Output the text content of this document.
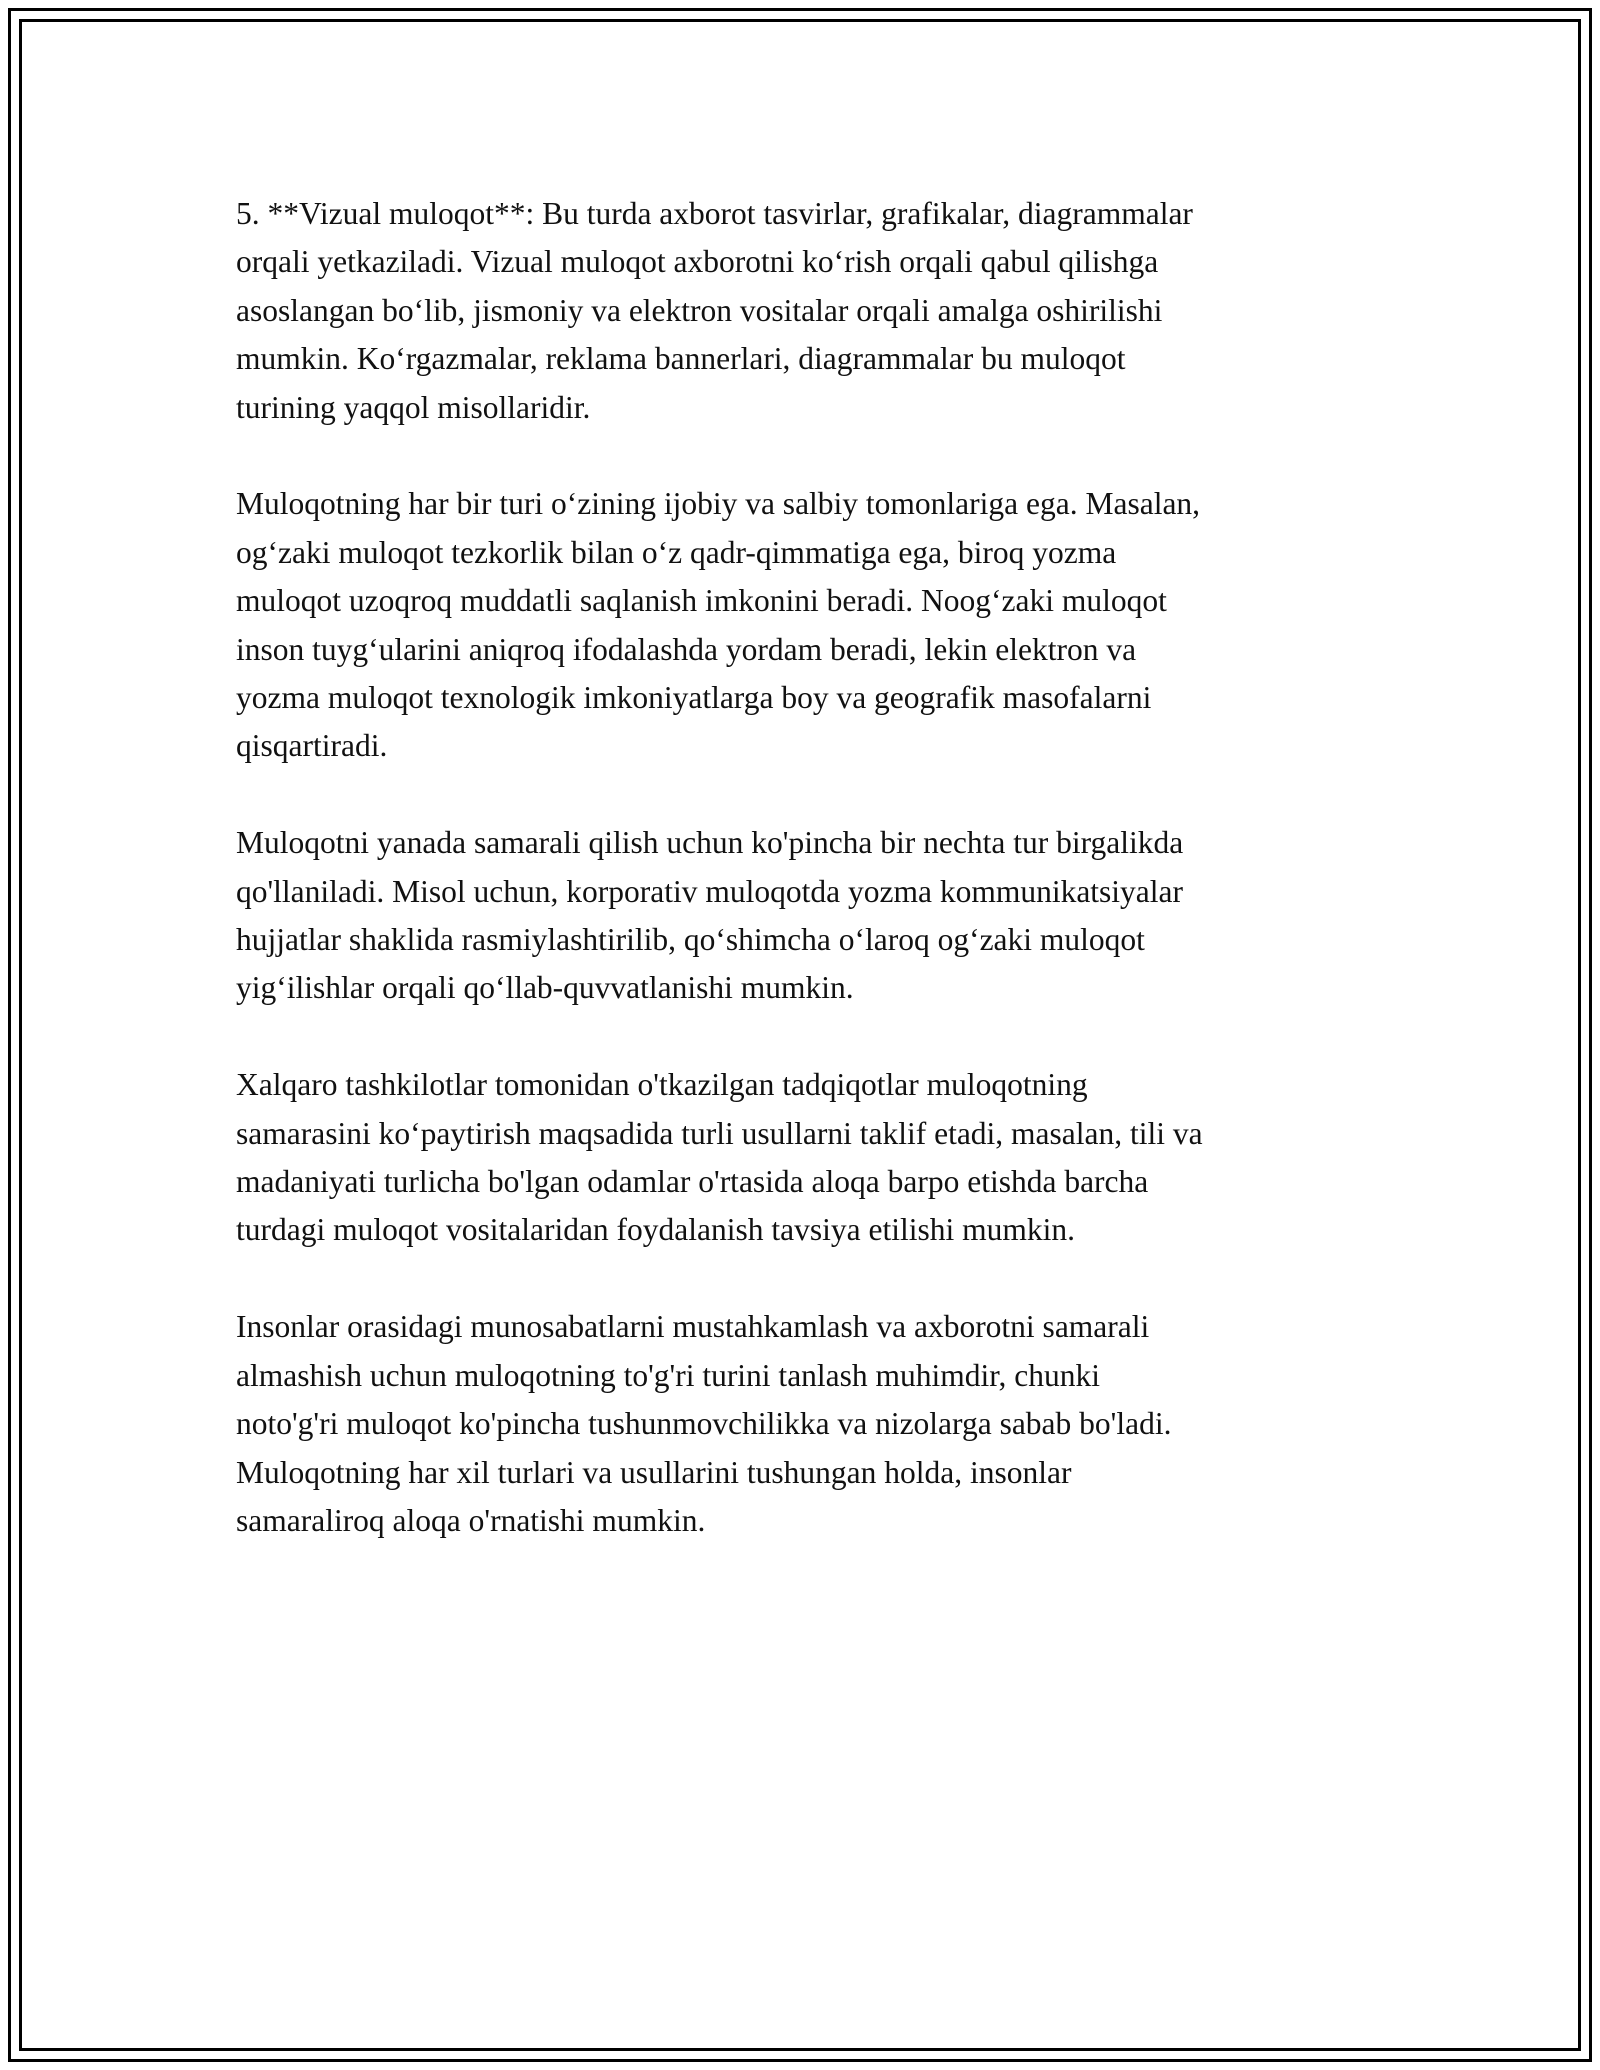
5. **Vizual muloqot**: Bu turda axborot tasvirlar, grafikalar, diagrammalar
orqali yetkaziladi. Vizual muloqot axborotni ko‘rish orqali qabul qilishga
asoslangan bo‘lib, jismoniy va elektron vositalar orqali amalga oshirilishi
mumkin. Ko‘rgazmalar, reklama bannerlari, diagrammalar bu muloqot
turining yaqqol misollaridir.

Muloqotning har bir turi o‘zining ijobiy va salbiy tomonlariga ega. Masalan,
og‘zaki muloqot tezkorlik bilan o‘z qadr-qimmatiga ega, biroq yozma
muloqot uzoqroq muddatli saqlanish imkonini beradi. Noog‘zaki muloqot
inson tuyg‘ularini aniqroq ifodalashda yordam beradi, lekin elektron va
yozma muloqot texnologik imkoniyatlarga boy va geografik masofalarni
qisqartiradi.

Muloqotni yanada samarali qilish uchun ko'pincha bir nechta tur birgalikda
qo'llaniladi. Misol uchun, korporativ muloqotda yozma kommunikatsiyalar
hujjatlar shaklida rasmiylashtirilib, qo‘shimcha o‘laroq og‘zaki muloqot
yig‘ilishlar orqali qo‘llab-quvvatlanishi mumkin.

Xalqaro tashkilotlar tomonidan o'tkazilgan tadqiqotlar muloqotning
samarasini ko‘paytirish maqsadida turli usullarni taklif etadi, masalan, tili va
madaniyati turlicha bo'lgan odamlar o'rtasida aloqa barpo etishda barcha
turdagi muloqot vositalaridan foydalanish tavsiya etilishi mumkin.

Insonlar orasidagi munosabatlarni mustahkamlash va axborotni samarali
almashish uchun muloqotning to'g'ri turini tanlash muhimdir, chunki
noto'g'ri muloqot ko'pincha tushunmovchilikka va nizolarga sabab bo'ladi.
Muloqotning har xil turlari va usullarini tushungan holda, insonlar
samaraliroq aloqa o'rnatishi mumkin.
